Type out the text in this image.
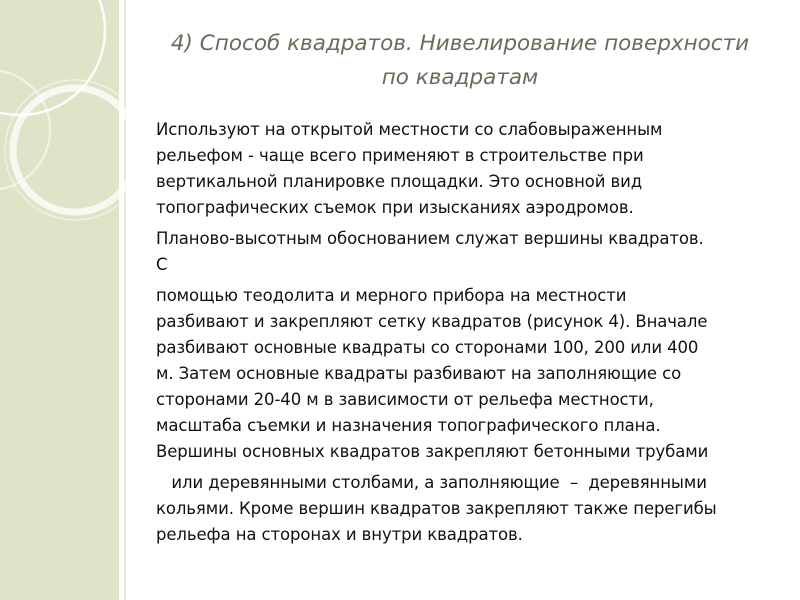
4) Способ квадратов. Нивелирование поверхности
по квадратам
Используют на открытой местности со слабовыраженным
рельефом - чаще всего применяют в строительстве при
вертикальной планировке площадки. Это основной вид
топографических съемок при изысканиях аэродромов.
Планово-высотным обоснованием служат вершины квадратов.
С
помощью теодолита и мерного прибора на местности
разбивают и закрепляют сетку квадратов (рисунок 4). Вначале
разбивают основные квадраты со сторонами 100, 200 или 400
м. Затем основные квадраты разбивают на заполняющие со
сторонами 20-40 м в зависимости от рельефа местности,
масштаба съемки и назначения топографического плана.
Вершины основных квадратов закрепляют бетонными трубами
или деревянными столбами, а заполняющие  –  деревянными
кольями. Кроме вершин квадратов закрепляют также перегибы
рельефа на сторонах и внутри квадратов.
